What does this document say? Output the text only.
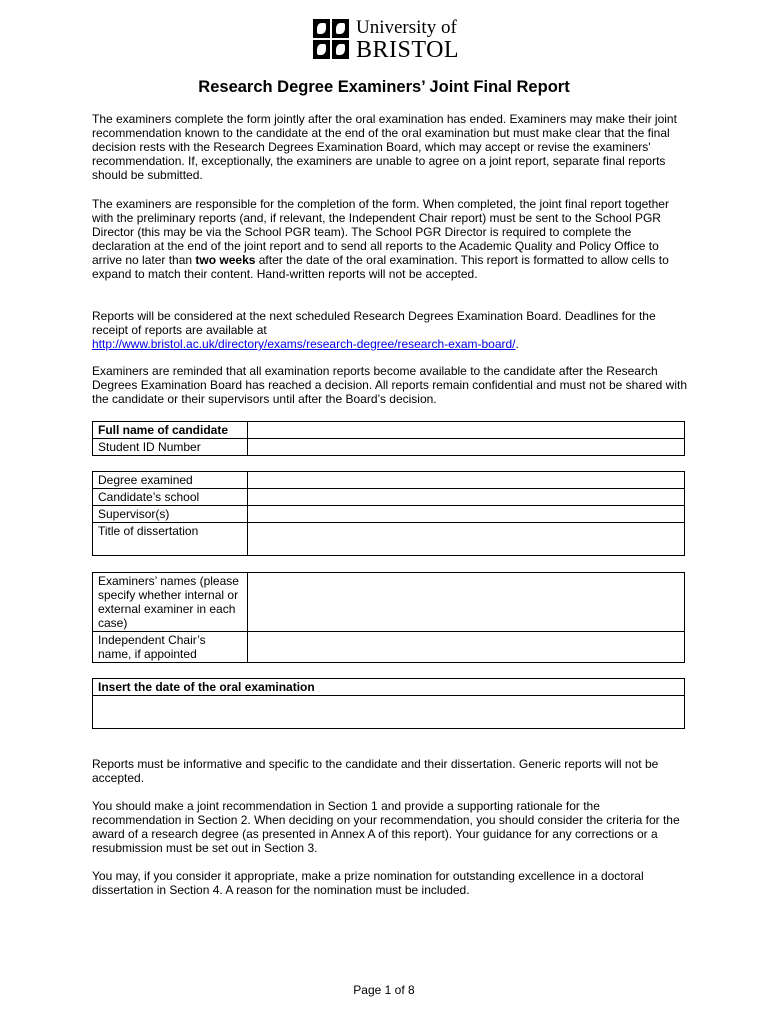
University of
BRISTOL
Research Degree Examiners’ Joint Final Report

The examiners complete the form jointly after the oral examination has ended. Examiners may make their joint recommendation known to the candidate at the end of the oral examination but must make clear that the final decision rests with the Research Degrees Examination Board, which may accept or revise the examiners' recommendation. If, exceptionally, the examiners are unable to agree on a joint report, separate final reports should be submitted.

The examiners are responsible for the completion of the form. When completed, the joint final report together with the preliminary reports (and, if relevant, the Independent Chair report) must be sent to the School PGR Director (this may be via the School PGR team). The School PGR Director is required to complete the declaration at the end of the joint report and to send all reports to the Academic Quality and Policy Office to arrive no later than two weeks after the date of the oral examination. This report is formatted to allow cells to expand to match their content. Hand-written reports will not be accepted.

Reports will be considered at the next scheduled Research Degrees Examination Board. Deadlines for the receipt of reports are available at
http://www.bristol.ac.uk/directory/exams/research-degree/research-exam-board/.

Examiners are reminded that all examination reports become available to the candidate after the Research Degrees Examination Board has reached a decision. All reports remain confidential and must not be shared with the candidate or their supervisors until after the Board’s decision.

Full name of candidate	
Student ID Number	
Degree examined	
Candidate’s school	
Supervisor(s)	
Title of dissertation	
Examiners’ names (please specify whether internal or external examiner in each case)	
Independent Chair’s name, if appointed	
Insert the date of the oral examination

Reports must be informative and specific to the candidate and their dissertation. Generic reports will not be accepted.

You should make a joint recommendation in Section 1 and provide a supporting rationale for the recommendation in Section 2. When deciding on your recommendation, you should consider the criteria for the award of a research degree (as presented in Annex A of this report). Your guidance for any corrections or a resubmission must be set out in Section 3.

You may, if you consider it appropriate, make a prize nomination for outstanding excellence in a doctoral dissertation in Section 4. A reason for the nomination must be included.

Page 1 of 8
